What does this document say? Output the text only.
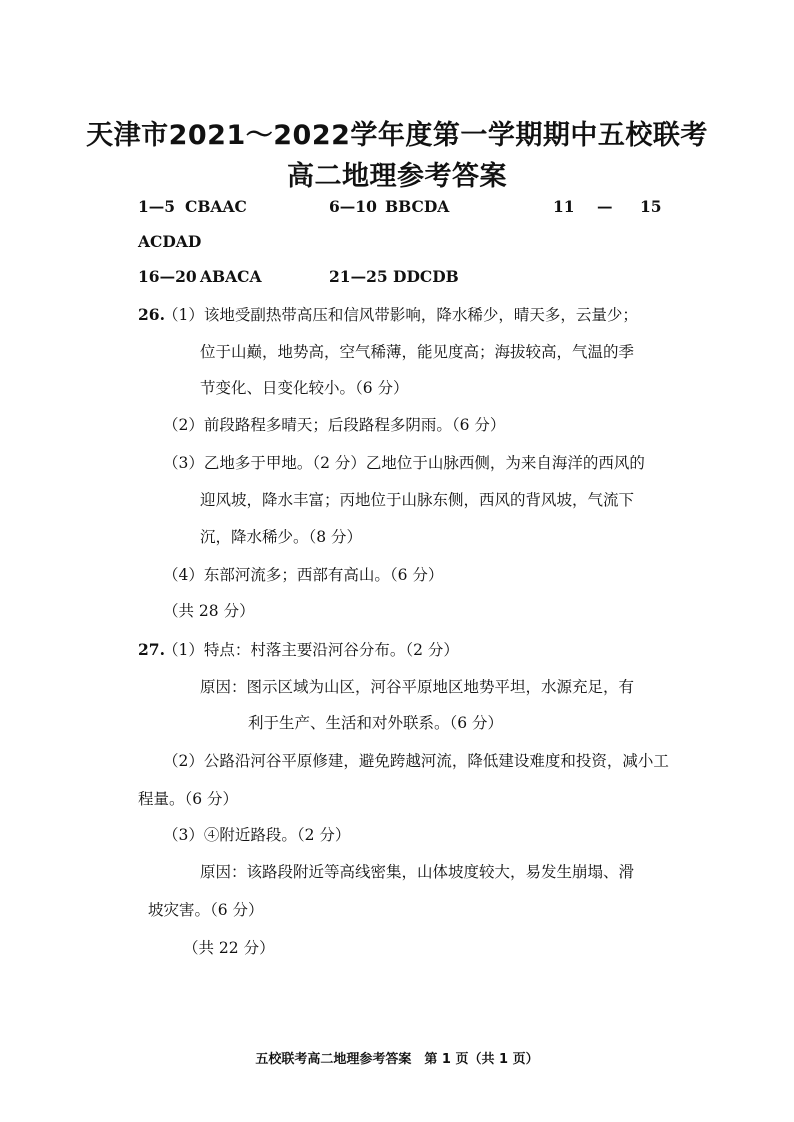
天津市2021～2022学年度第一学期期中五校联考
高二地理参考答案
1—5 CBAAC	6—10 BBCDA	11 — 15
ACDAD
16—20 ABACA	21—25 DDCDB
26.
（1）该地受副热带高压和信风带影响，降水稀少，晴天多，云量少；
位于山巅，地势高，空气稀薄，能见度高；海拔较高，气温的季
节变化、日变化较小。（6 分）
（2）前段路程多晴天；后段路程多阴雨。（6 分）
（3）乙地多于甲地。（2 分）乙地位于山脉西侧，为来自海洋的西风的
迎风坡，降水丰富；丙地位于山脉东侧，西风的背风坡，气流下
沉，降水稀少。（8 分）
（4）东部河流多；西部有高山。（6 分）
（共 28 分）
27.
（1）特点：村落主要沿河谷分布。（2 分）
原因：图示区域为山区，河谷平原地区地势平坦，水源充足，有
利于生产、生活和对外联系。（6 分）
（2）公路沿河谷平原修建，避免跨越河流，降低建设难度和投资，减小工
程量。（6 分）
（3）④附近路段。（2 分）
原因：该路段附近等高线密集，山体坡度较大，易发生崩塌、滑
坡灾害。（6 分）
（共 22 分）
五校联考高二地理参考答案　第 1 页（共 1 页）
